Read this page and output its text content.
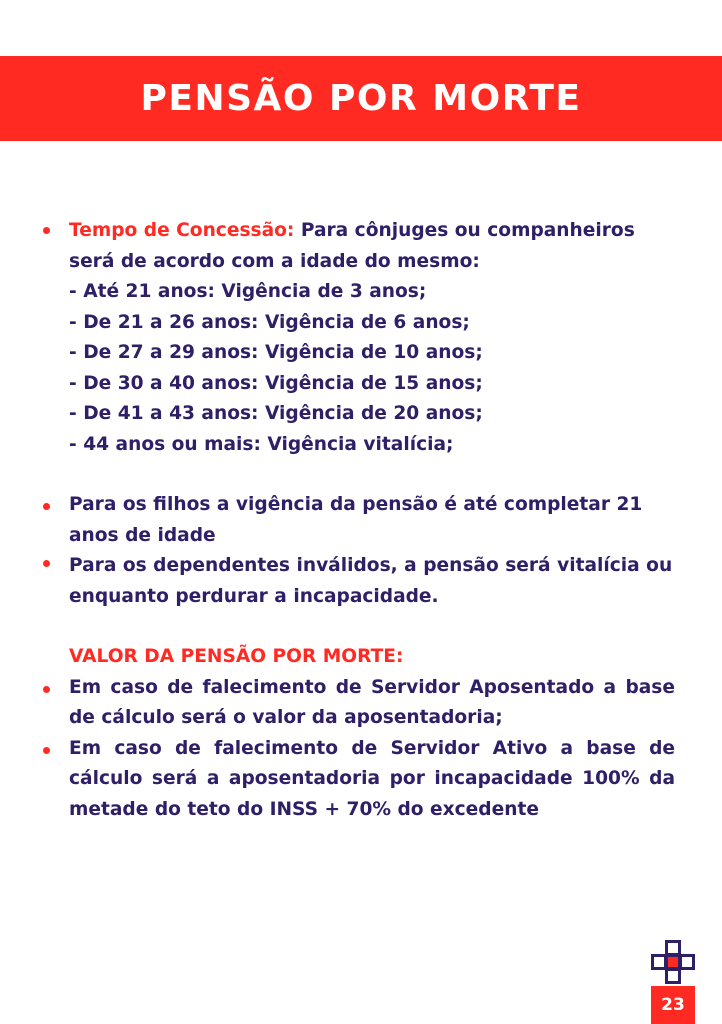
PENSÃO POR MORTE
Tempo de Concessão: Para cônjuges ou companheiros
será de acordo com a idade do mesmo:
- Até 21 anos: Vigência de 3 anos;
- De 21 a 26 anos: Vigência de 6 anos;
- De 27 a 29 anos: Vigência de 10 anos;
- De 30 a 40 anos: Vigência de 15 anos;
- De 41 a 43 anos: Vigência de 20 anos;
- 44 anos ou mais: Vigência vitalícia;
Para os filhos a vigência da pensão é até completar 21 anos de idade
Para os dependentes inválidos, a pensão será vitalícia ou enquanto perdurar a incapacidade.
VALOR DA PENSÃO POR MORTE:
Em caso de falecimento de Servidor Aposentado a base de cálculo será o valor da aposentadoria;
Em caso de falecimento de Servidor Ativo a base de cálculo será a aposentadoria por incapacidade 100% da metade do teto do INSS + 70% do excedente
23
